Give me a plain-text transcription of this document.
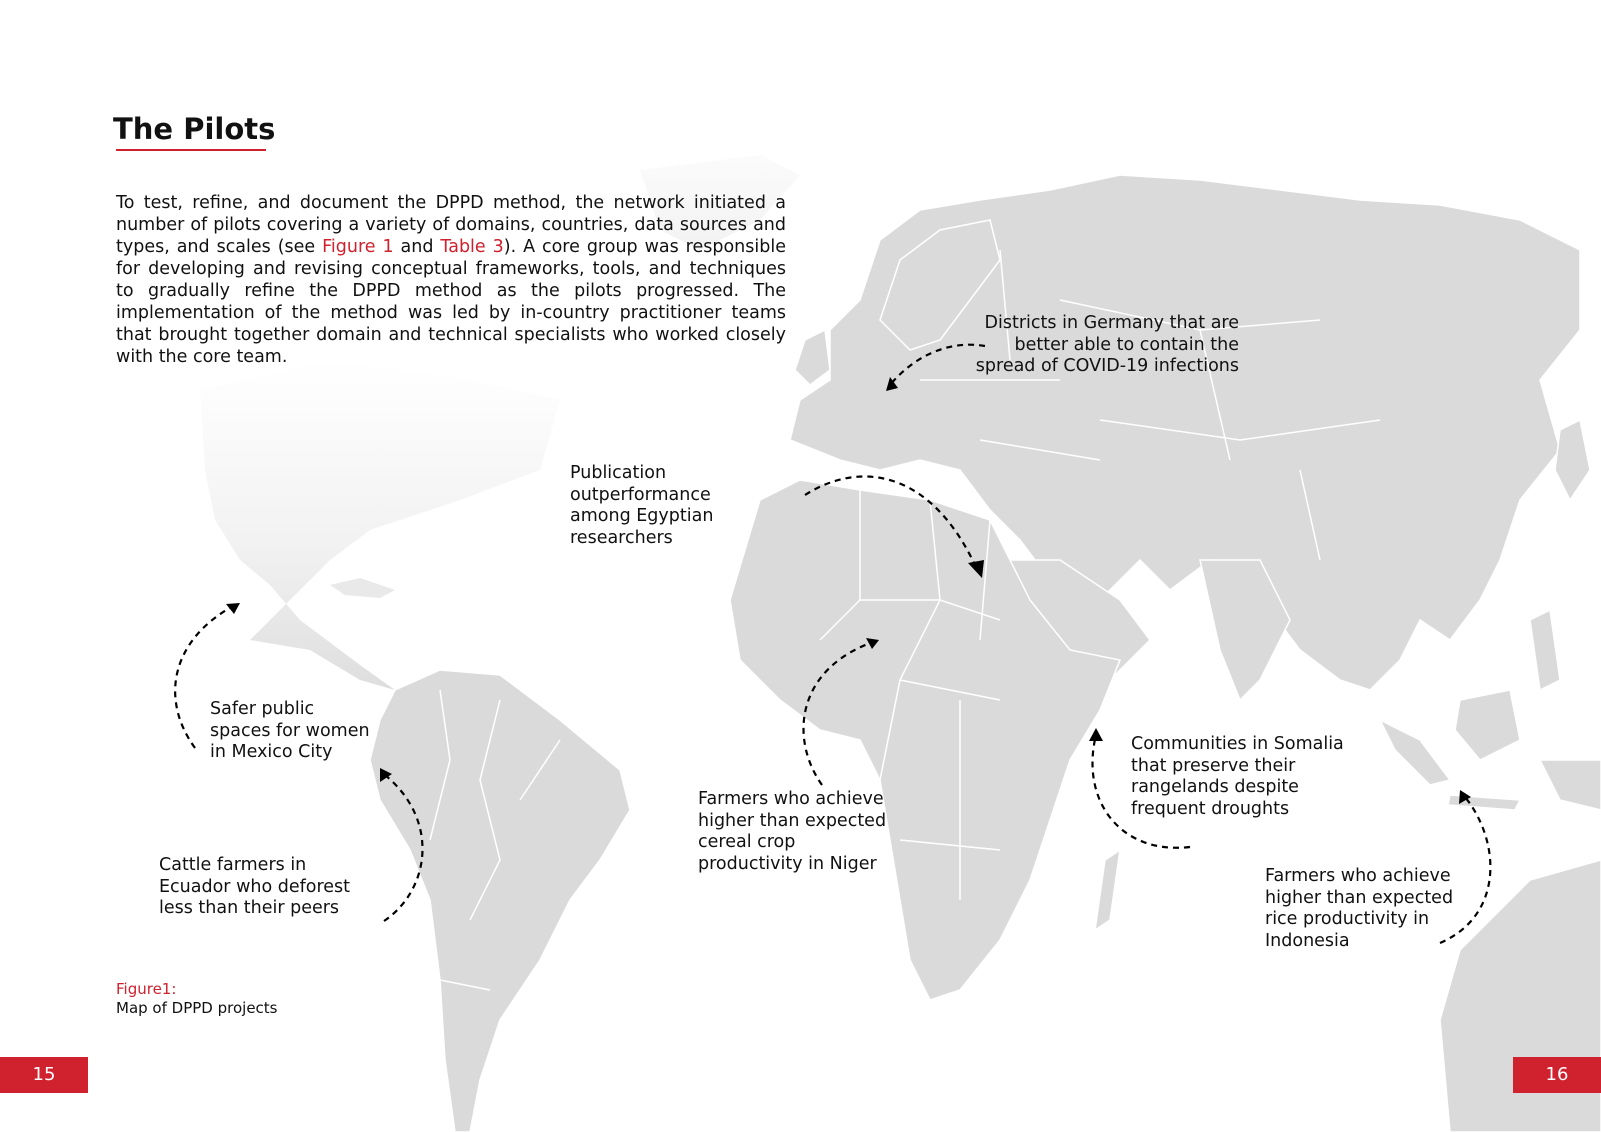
The Pilots

To test, refine, and document the DPPD method, the network initiated a number of pilots covering a variety of domains, countries, data sources and types, and scales (see Figure 1 and Table 3). A core group was responsible for developing and revising conceptual frameworks, tools, and techniques to gradually refine the DPPD method as the pilots progressed. The implementation of the method was led by in-country practitioner teams that brought together domain and technical specialists who worked closely with the core team.

Districts in Germany that are
better able to contain the
spread of COVID-19 infections

Publication
outperformance
among Egyptian
researchers

Safer public
spaces for women
in Mexico City

Cattle farmers in
Ecuador who deforest
less than their peers

Farmers who achieve
higher than expected
cereal crop
productivity in Niger

Communities in Somalia
that preserve their
rangelands despite
frequent droughts

Farmers who achieve
higher than expected
rice productivity in
Indonesia

Figure1:
Map of DPPD projects
15	16
